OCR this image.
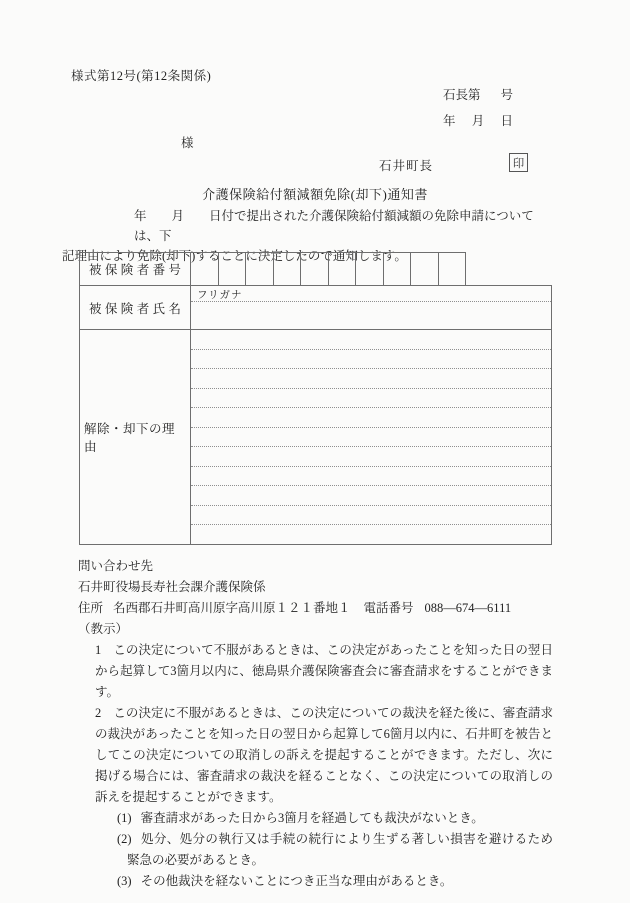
様式第12号(第12条関係)
石長第 号
年 月 日
様
石井町長	印
介護保険給付額減額免除(却下)通知書
年　　月　　日付で提出された介護保険給付額減額の免除申請については、下
記理由により免除(却下)することに決定したので通知します。
被保険者番号
被保険者氏名
フリガナ
解除・却下の理由
問い合わせ先
石井町役場長寿社会課介護保険係
住所 名西郡石井町高川原字高川原１２１番地１ 電話番号 088―674―6111
（教示）
1 この決定について不服があるときは、この決定があったことを知った日の翌日から起算して3箇月以内に、徳島県介護保険審査会に審査請求をすることができます。
2 この決定に不服があるときは、この決定についての裁決を経た後に、審査請求の裁決があったことを知った日の翌日から起算して6箇月以内に、石井町を被告としてこの決定についての取消しの訴えを提起することができます。ただし、次に掲げる場合には、審査請求の裁決を経ることなく、この決定についての取消しの訴えを提起することができます。
(1) 審査請求があった日から3箇月を経過しても裁決がないとき。
(2) 処分、処分の執行又は手続の続行により生ずる著しい損害を避けるため緊急の必要があるとき。
(3) その他裁決を経ないことにつき正当な理由があるとき。
